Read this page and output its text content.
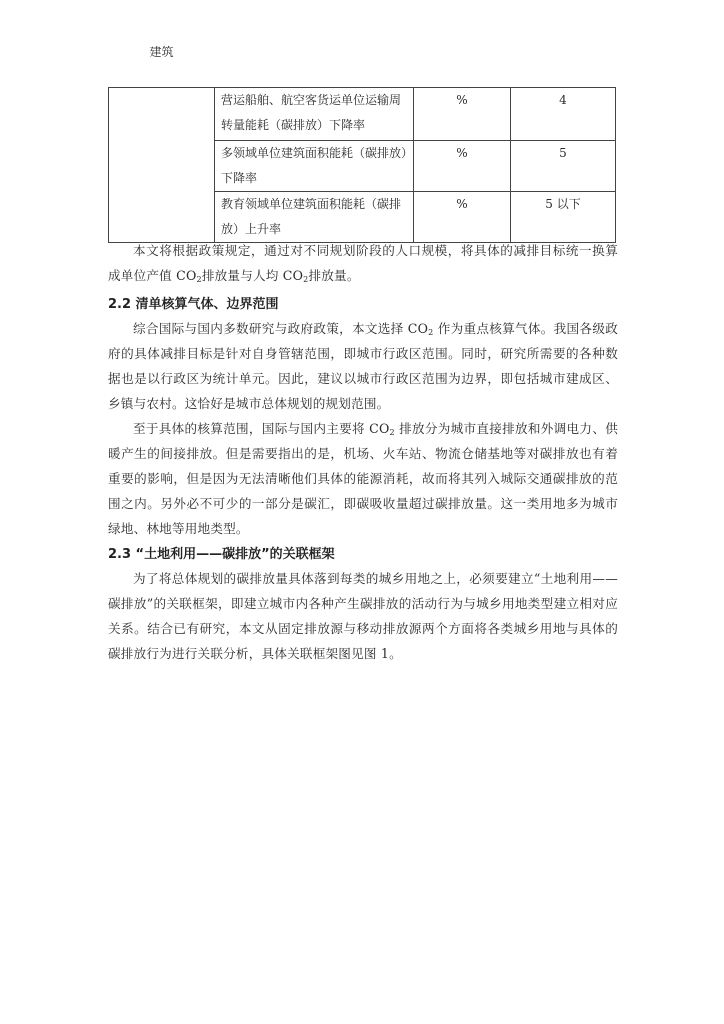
建筑	营运船舶、航空客货运单位运输周转量能耗（碳排放）下降率	%	4
	多领域单位建筑面积能耗（碳排放）下降率	%	5
	教育领域单位建筑面积能耗（碳排放）上升率	%	5 以下

本文将根据政策规定，通过对不同规划阶段的人口规模，将具体的减排目标统一换算成单位产值 $CO_2$排放量与人均 $CO_2$排放量。

2.2 清单核算气体、边界范围

综合国际与国内多数研究与政府政策，本文选择 $CO_2$ 作为重点核算气体。我国各级政府的具体减排目标是针对自身管辖范围，即城市行政区范围。同时，研究所需要的各种数据也是以行政区为统计单元。因此，建议以城市行政区范围为边界，即包括城市建成区、乡镇与农村。这恰好是城市总体规划的规划范围。

至于具体的核算范围，国际与国内主要将 $CO_2$ 排放分为城市直接排放和外调电力、供暖产生的间接排放。但是需要指出的是，机场、火车站、物流仓储基地等对碳排放也有着重要的影响，但是因为无法清晰他们具体的能源消耗，故而将其列入城际交通碳排放的范围之内。另外必不可少的一部分是碳汇，即碳吸收量超过碳排放量。这一类用地多为城市绿地、林地等用地类型。

2.3 “土地利用——碳排放”的关联框架

为了将总体规划的碳排放量具体落到每类的城乡用地之上，必须要建立“土地利用——碳排放”的关联框架，即建立城市内各种产生碳排放的活动行为与城乡用地类型建立相对应关系。结合已有研究，本文从固定排放源与移动排放源两个方面将各类城乡用地与具体的碳排放行为进行关联分析，具体关联框架图见图 1。
